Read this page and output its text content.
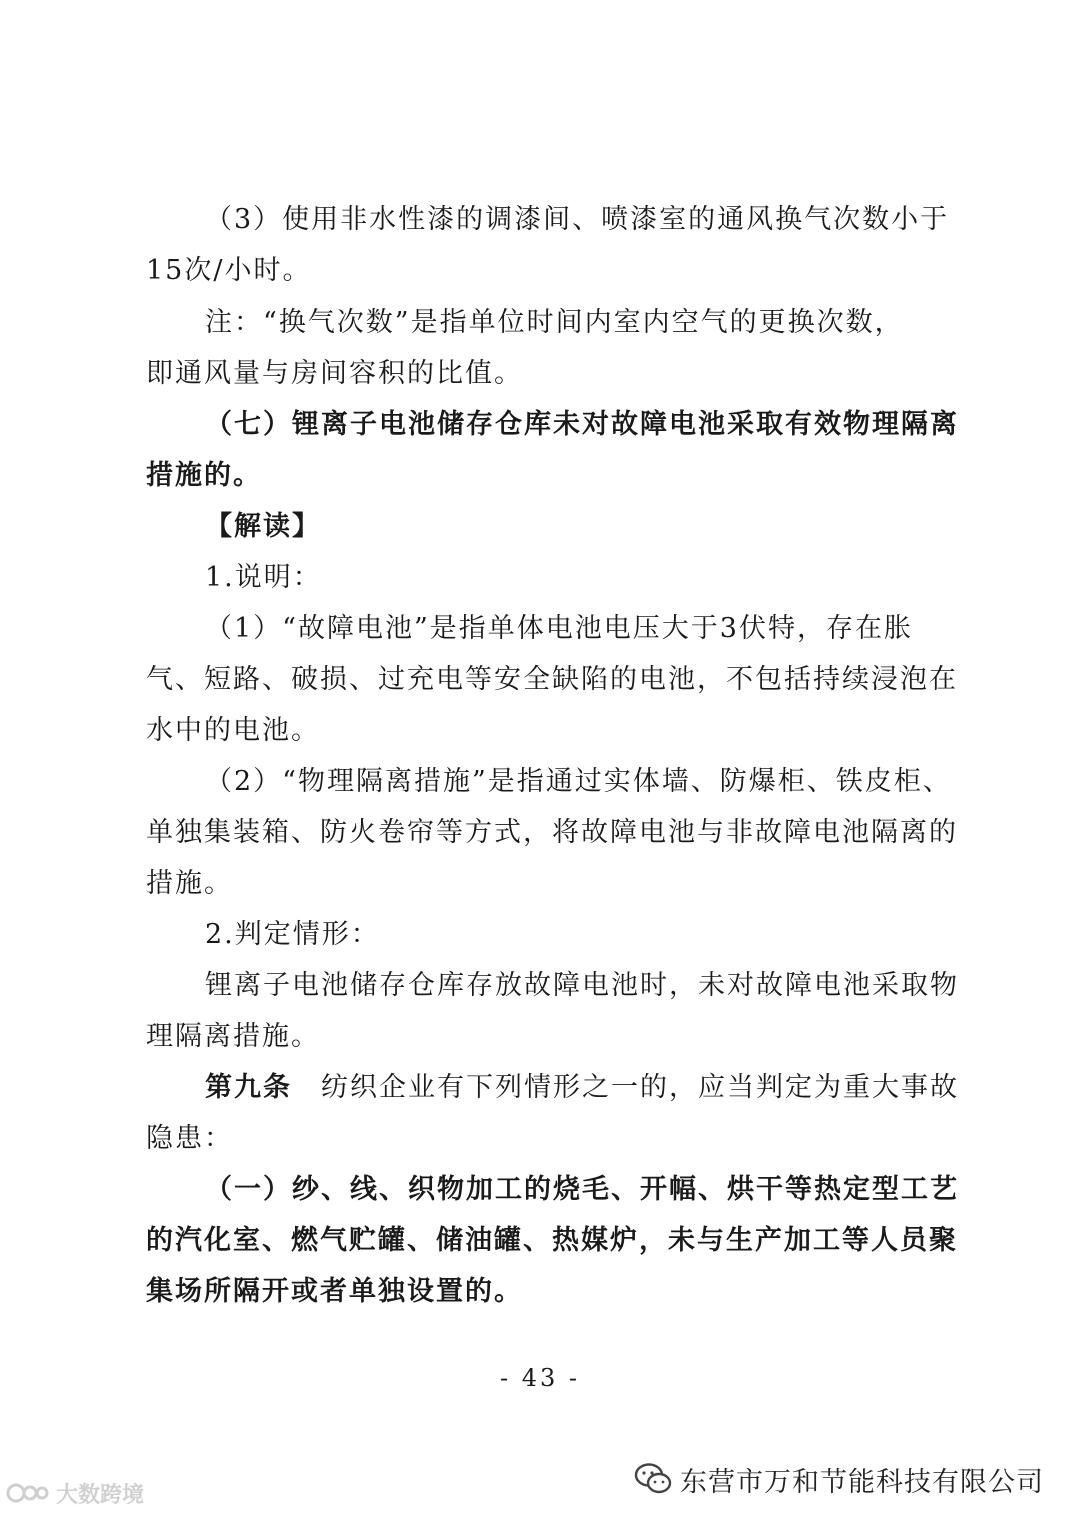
（3）使用非水性漆的调漆间、喷漆室的通风换气次数小于

15次/小时。

注：“换气次数”是指单位时间内室内空气的更换次数，

即通风量与房间容积的比值。

（七）锂离子电池储存仓库未对故障电池采取有效物理隔离

措施的。

【解读】

1.说明：

（1）“故障电池”是指单体电池电压大于3伏特，存在胀

气、短路、破损、过充电等安全缺陷的电池，不包括持续浸泡在

水中的电池。

（2）“物理隔离措施”是指通过实体墙、防爆柜、铁皮柜、

单独集装箱、防火卷帘等方式，将故障电池与非故障电池隔离的

措施。

2.判定情形：

锂离子电池储存仓库存放故障电池时，未对故障电池采取物

理隔离措施。

第九条　纺织企业有下列情形之一的，应当判定为重大事故

隐患：

（一）纱、线、织物加工的烧毛、开幅、烘干等热定型工艺

的汽化室、燃气贮罐、储油罐、热媒炉，未与生产加工等人员聚

集场所隔开或者单独设置的。

- 43 -
大数跨境	东营市万和节能科技有限公司
